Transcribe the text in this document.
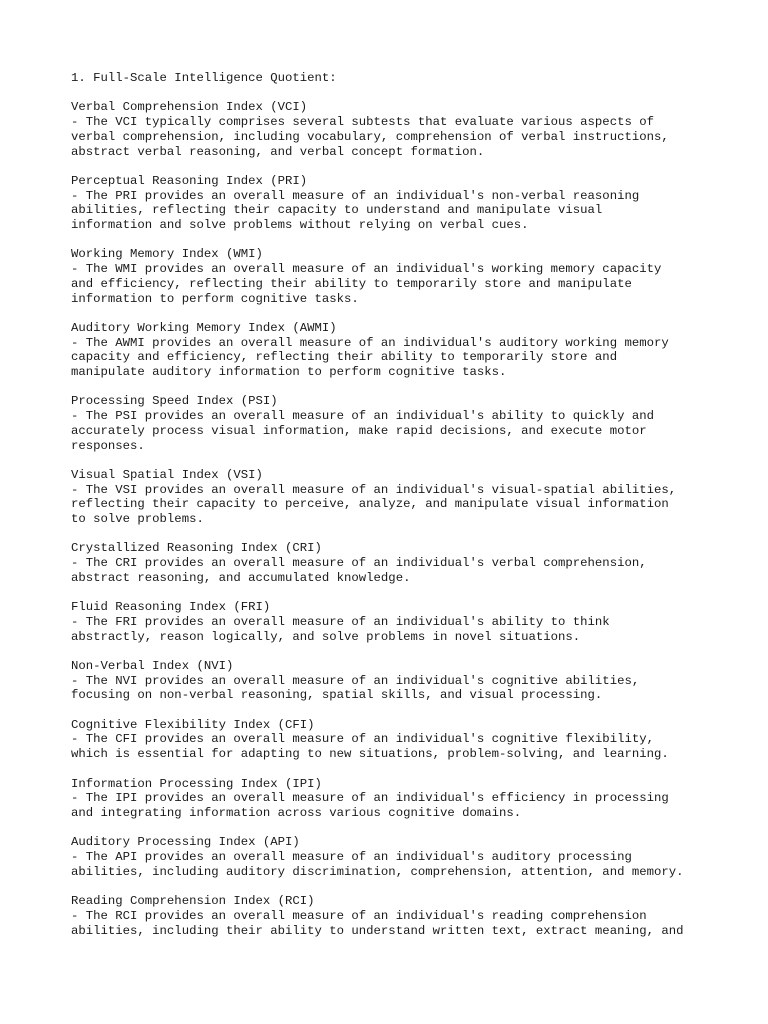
1. Full-Scale Intelligence Quotient:
Verbal Comprehension Index (VCI)
- The VCI typically comprises several subtests that evaluate various aspects of
verbal comprehension, including vocabulary, comprehension of verbal instructions,
abstract verbal reasoning, and verbal concept formation.
Perceptual Reasoning Index (PRI)
- The PRI provides an overall measure of an individual's non-verbal reasoning
abilities, reflecting their capacity to understand and manipulate visual
information and solve problems without relying on verbal cues.
Working Memory Index (WMI)
- The WMI provides an overall measure of an individual's working memory capacity
and efficiency, reflecting their ability to temporarily store and manipulate
information to perform cognitive tasks.
Auditory Working Memory Index (AWMI)
- The AWMI provides an overall measure of an individual's auditory working memory
capacity and efficiency, reflecting their ability to temporarily store and
manipulate auditory information to perform cognitive tasks.
Processing Speed Index (PSI)
- The PSI provides an overall measure of an individual's ability to quickly and
accurately process visual information, make rapid decisions, and execute motor
responses.
Visual Spatial Index (VSI)
- The VSI provides an overall measure of an individual's visual-spatial abilities,
reflecting their capacity to perceive, analyze, and manipulate visual information
to solve problems.
Crystallized Reasoning Index (CRI)
- The CRI provides an overall measure of an individual's verbal comprehension,
abstract reasoning, and accumulated knowledge.
Fluid Reasoning Index (FRI)
- The FRI provides an overall measure of an individual's ability to think
abstractly, reason logically, and solve problems in novel situations.
Non-Verbal Index (NVI)
- The NVI provides an overall measure of an individual's cognitive abilities,
focusing on non-verbal reasoning, spatial skills, and visual processing.
Cognitive Flexibility Index (CFI)
- The CFI provides an overall measure of an individual's cognitive flexibility,
which is essential for adapting to new situations, problem-solving, and learning.
Information Processing Index (IPI)
- The IPI provides an overall measure of an individual's efficiency in processing
and integrating information across various cognitive domains.
Auditory Processing Index (API)
- The API provides an overall measure of an individual's auditory processing
abilities, including auditory discrimination, comprehension, attention, and memory.
Reading Comprehension Index (RCI)
- The RCI provides an overall measure of an individual's reading comprehension
abilities, including their ability to understand written text, extract meaning, and
